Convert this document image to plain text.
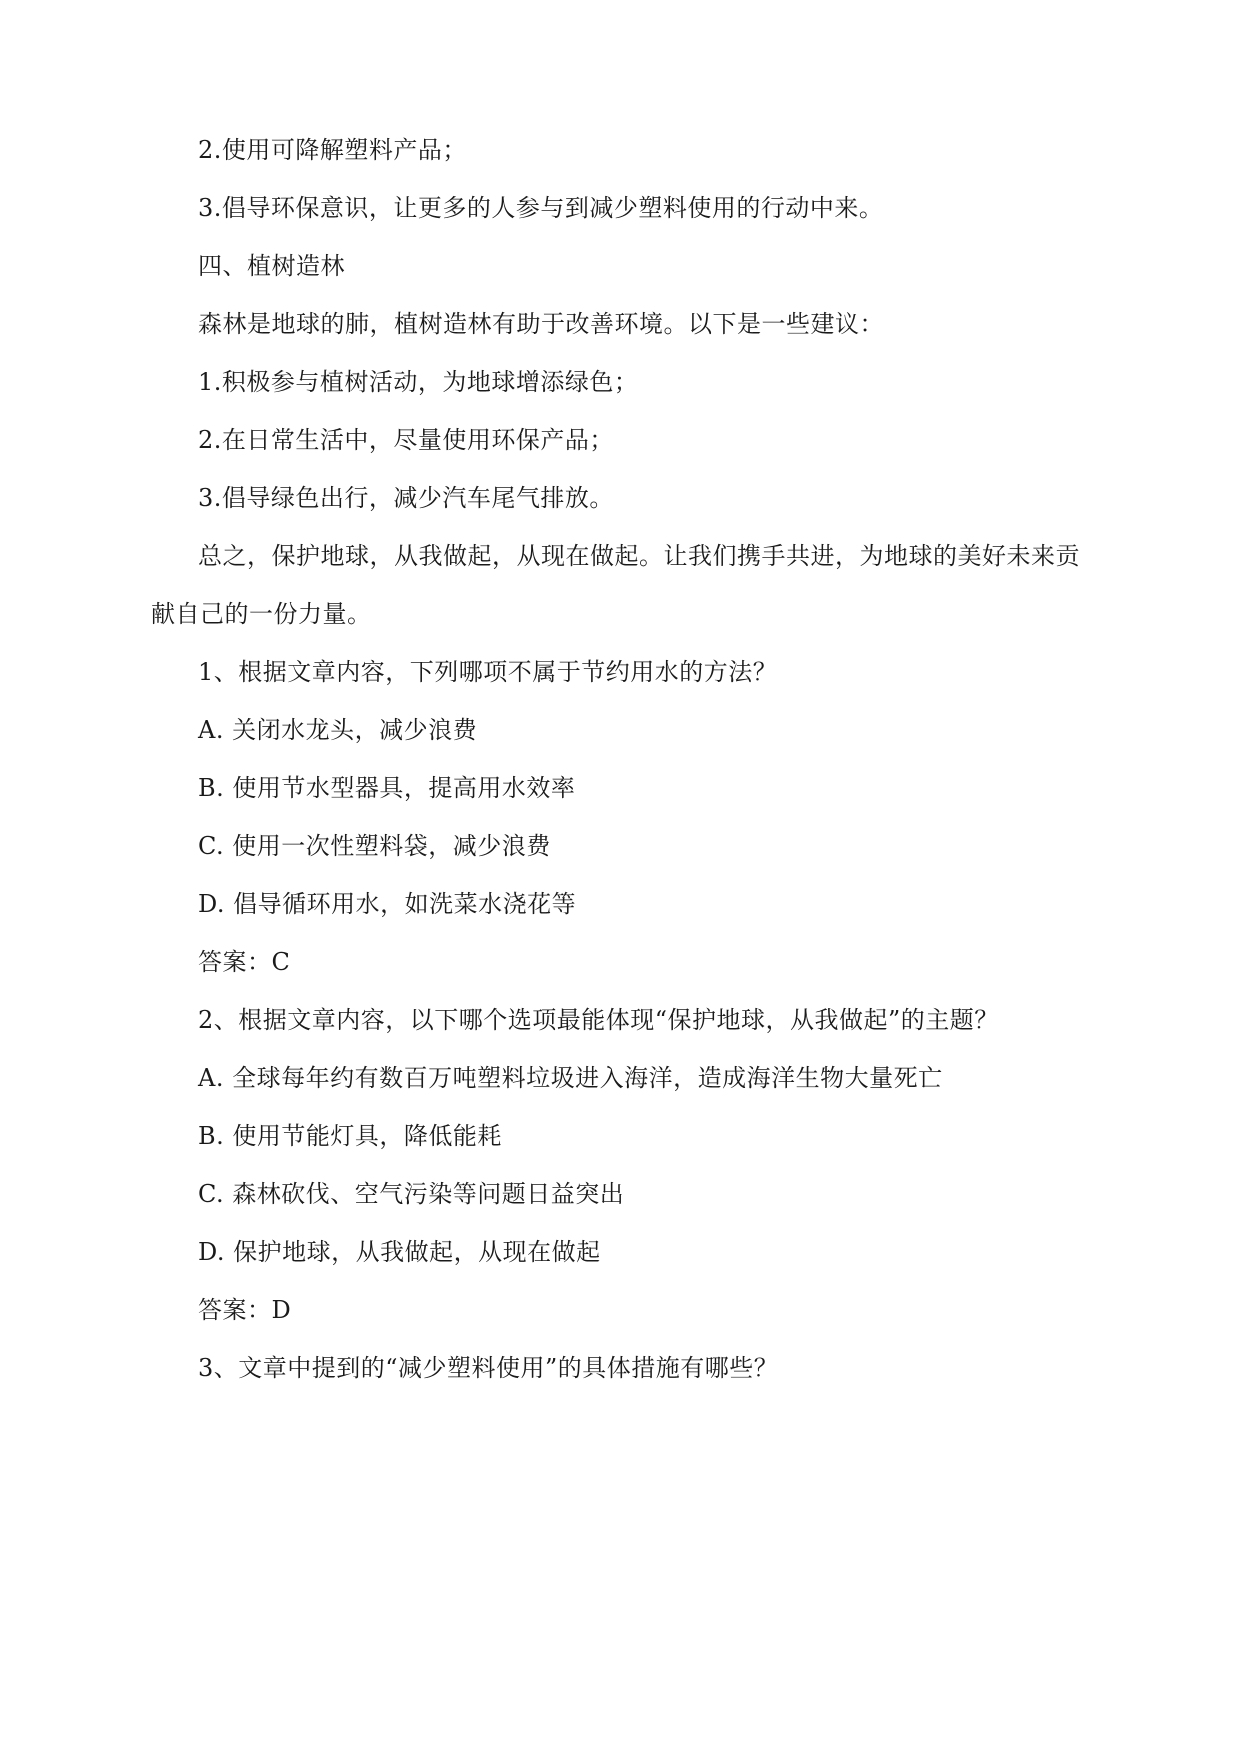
2.使用可降解塑料产品；
3.倡导环保意识，让更多的人参与到减少塑料使用的行动中来。
四、植树造林
森林是地球的肺，植树造林有助于改善环境。以下是一些建议：
1.积极参与植树活动，为地球增添绿色；
2.在日常生活中，尽量使用环保产品；
3.倡导绿色出行，减少汽车尾气排放。
总之，保护地球，从我做起，从现在做起。让我们携手共进，为地球的美好未来贡
献自己的一份力量。
1、根据文章内容，下列哪项不属于节约用水的方法？
A. 关闭水龙头，减少浪费
B. 使用节水型器具，提高用水效率
C. 使用一次性塑料袋，减少浪费
D. 倡导循环用水，如洗菜水浇花等
答案：C
2、根据文章内容，以下哪个选项最能体现“保护地球，从我做起”的主题？
A. 全球每年约有数百万吨塑料垃圾进入海洋，造成海洋生物大量死亡
B. 使用节能灯具，降低能耗
C. 森林砍伐、空气污染等问题日益突出
D. 保护地球，从我做起，从现在做起
答案：D
3、文章中提到的“减少塑料使用”的具体措施有哪些？
